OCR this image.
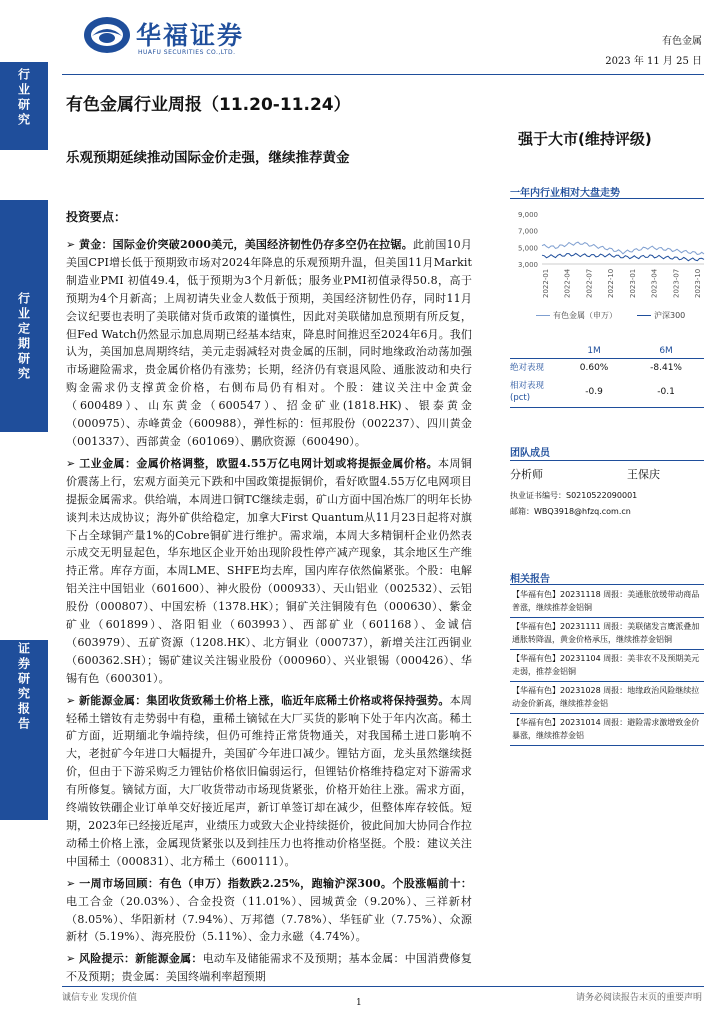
行业研究
行业定期研究
证券研究报告
华福证券
HUAFU SECURITIES CO.,LTD.
有色金属
2023 年 11 月 25 日
有色金属行业周报（11.20-11.24）
乐观预期延续推动国际金价走强，继续推荐黄金
强于大市(维持评级)
投资要点：

➢ 黄金：国际金价突破2000美元，美国经济韧性仍存多空仍在拉锯。此前国10月美国CPI增长低于预期致市场对2024年降息的乐观预期升温，但美国11月Markit制造业PMI 初值49.4，低于预期为3个月新低；服务业PMI初值录得50.8，高于预期为4个月新高；上周初请失业金人数低于预期，美国经济韧性仍存，同时11月会议纪要也表明了美联储对货币政策的谨慎性，因此对美联储加息预期有所反复，但Fed Watch仍然显示加息周期已经基本结束，降息时间推迟至2024年6月。我们认为，美国加息周期终结，美元走弱减轻对贵金属的压制，同时地缘政治动荡加强市场避险需求，贵金属价格仍有涨势；长期，经济仍有衰退风险、通胀波动和央行购金需求仍支撑黄金价格，右侧布局仍有相对。个股：建议关注中金黄金（600489）、山东黄金（600547）、招金矿业(1818.HK)、银泰黄金（000975）、赤峰黄金（600988），弹性标的：恒邦股份（002237）、四川黄金（001337）、西部黄金（601069）、鹏欣资源（600490）。

➢ 工业金属：金属价格调整，欧盟4.55万亿电网计划或将提振金属价格。本周铜价震荡上行，宏观方面美元下跌和中国政策提振铜价，看好欧盟4.55万亿电网项目提振金属需求。供给端，本周进口铜TC继续走弱，矿山方面中国冶炼厂的明年长协谈判未达成协议；海外矿供给稳定，加拿大First Quantum从11月23日起将对旗下占全球铜产量1%的Cobre铜矿进行维护。需求端，本周大多精铜杆企业仍然表示成交无明显起色，华东地区企业开始出现阶段性停产减产现象，其余地区生产维持正常。库存方面，本周LME、SHFE均去库，国内库存依然偏紧张。个股：电解铝关注中国铝业（601600）、神火股份（000933）、天山铝业（002532）、云铝股份（000807）、中国宏桥（1378.HK）；铜矿关注铜陵有色（000630）、紫金矿业（601899）、洛阳钼业（603993）、西部矿业（601168）、金诚信（603979）、五矿资源（1208.HK）、北方铜业（000737），新增关注江西铜业（600362.SH）；锡矿建议关注锡业股份（000960）、兴业银锡（000426）、华锡有色（600301）。

➢ 新能源金属：集团收货致稀土价格上涨，临近年底稀土价格或将保持强势。本周轻稀土镨钕有走势弱中有稳，重稀土镝铽在大厂买货的影响下处于年内次高。稀土矿方面，近期缅北争端持续，但仍可维持正常货物通关，对我国稀土进口影响不大，老挝矿今年进口大幅提升，美国矿今年进口减少。锂钴方面，龙头虽然继续挺价，但由于下游采购乏力锂钴价格依旧偏弱运行，但锂钴价格维持稳定对下游需求有所修复。镝铽方面，大厂收货带动市场现货紧张，价格开始往上涨。需求方面，终端钕铁硼企业订单单交好接近尾声，新订单签订却在减少，但整体库存较低。短期，2023年已经接近尾声，业绩压力或致大企业持续挺价，彼此间加大协同合作拉动稀土价格上涨，金属现货紧张以及到挂压力也将推动价格坚挺。个股：建议关注中国稀土（000831）、北方稀土（600111）。

➢ 一周市场回顾：有色（申万）指数跌2.25%，跑输沪深300。个股涨幅前十：电工合金（20.03%）、合金投资（11.01%）、园城黄金（9.20%）、三祥新材（8.05%）、华阳新材（7.94%）、万邦德（7.78%）、华钰矿业（7.75%）、众源新材（5.19%）、海亮股份（5.11%）、金力永磁（4.74%）。

➢ 风险提示：新能源金属：电动车及储能需求不及预期；基本金属：中国消费修复不及预期；贵金属：美国终端利率超预期

一年内行业相对大盘走势
9,000
7,000
5,000
3,000
2022-01 2022-04 2022-07 2022-10 2023-01 2023-04 2023-07 2023-10
有色金属（申万）	沪深300
	1M	6M
绝对表现	0.60%	-8.41%
相对表现
(pct)	-0.9	-0.1
团队成员
分析师	王保庆
执业证书编号：S0210522090001
邮箱：WBQ3918@hfzq.com.cn
相关报告
【华福有色】20231118 周报：美通胀放缓带动商品普涨，继续推荐金铝铜
【华福有色】20231111 周报：美联储发言鹰派叠加通胀转降温，黄金价格承压，继续推荐金铝铜
【华福有色】20231104 周报：美非农不及预期美元走弱，推荐金铝铜
【华福有色】20231028 周报：地缘政治风险继续拉动金价新高，继续推荐金铝
【华福有色】20231014 周报：避险需求激增致金价暴涨，继续推荐金铝
诚信专业 发现价值	1	请务必阅读报告末页的重要声明
